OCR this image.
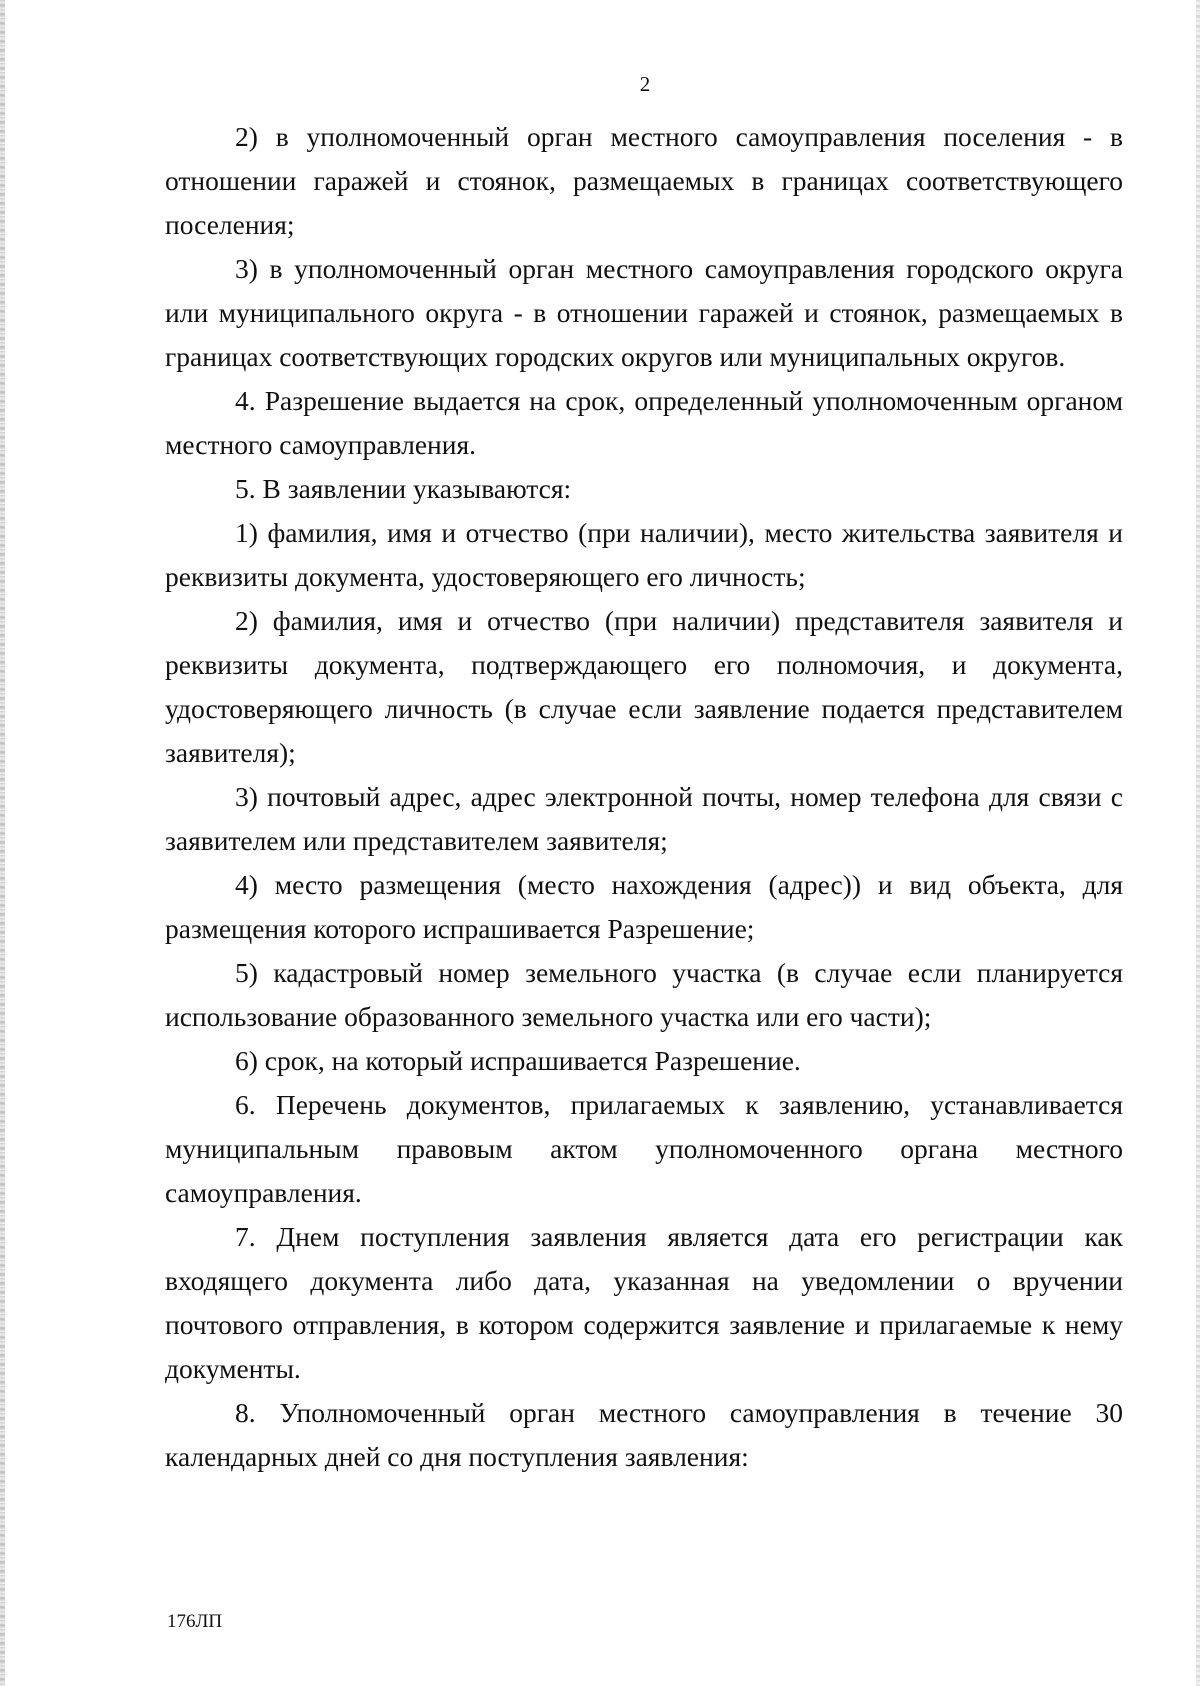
2

2) в уполномоченный орган местного самоуправления поселения - в отношении гаражей и стоянок, размещаемых в границах соответствующего поселения;

3) в уполномоченный орган местного самоуправления городского округа или муниципального округа - в отношении гаражей и стоянок, размещаемых в границах соответствующих городских округов или муниципальных округов.

4. Разрешение выдается на срок, определенный уполномоченным органом местного самоуправления.

5. В заявлении указываются:

1) фамилия, имя и отчество (при наличии), место жительства заявителя и реквизиты документа, удостоверяющего его личность;

2) фамилия, имя и отчество (при наличии) представителя заявителя и реквизиты документа, подтверждающего его полномочия, и документа, удостоверяющего личность (в случае если заявление подается представителем заявителя);

3) почтовый адрес, адрес электронной почты, номер телефона для связи с заявителем или представителем заявителя;

4) место размещения (место нахождения (адрес)) и вид объекта, для размещения которого испрашивается Разрешение;

5) кадастровый номер земельного участка (в случае если планируется использование образованного земельного участка или его части);

6) срок, на который испрашивается Разрешение.

6. Перечень документов, прилагаемых к заявлению, устанавливается муниципальным правовым актом уполномоченного органа местного самоуправления.

7. Днем поступления заявления является дата его регистрации как входящего документа либо дата, указанная на уведомлении о вручении почтового отправления, в котором содержится заявление и прилагаемые к нему документы.

8. Уполномоченный орган местного самоуправления в течение 30 календарных дней со дня поступления заявления:

176ЛП
